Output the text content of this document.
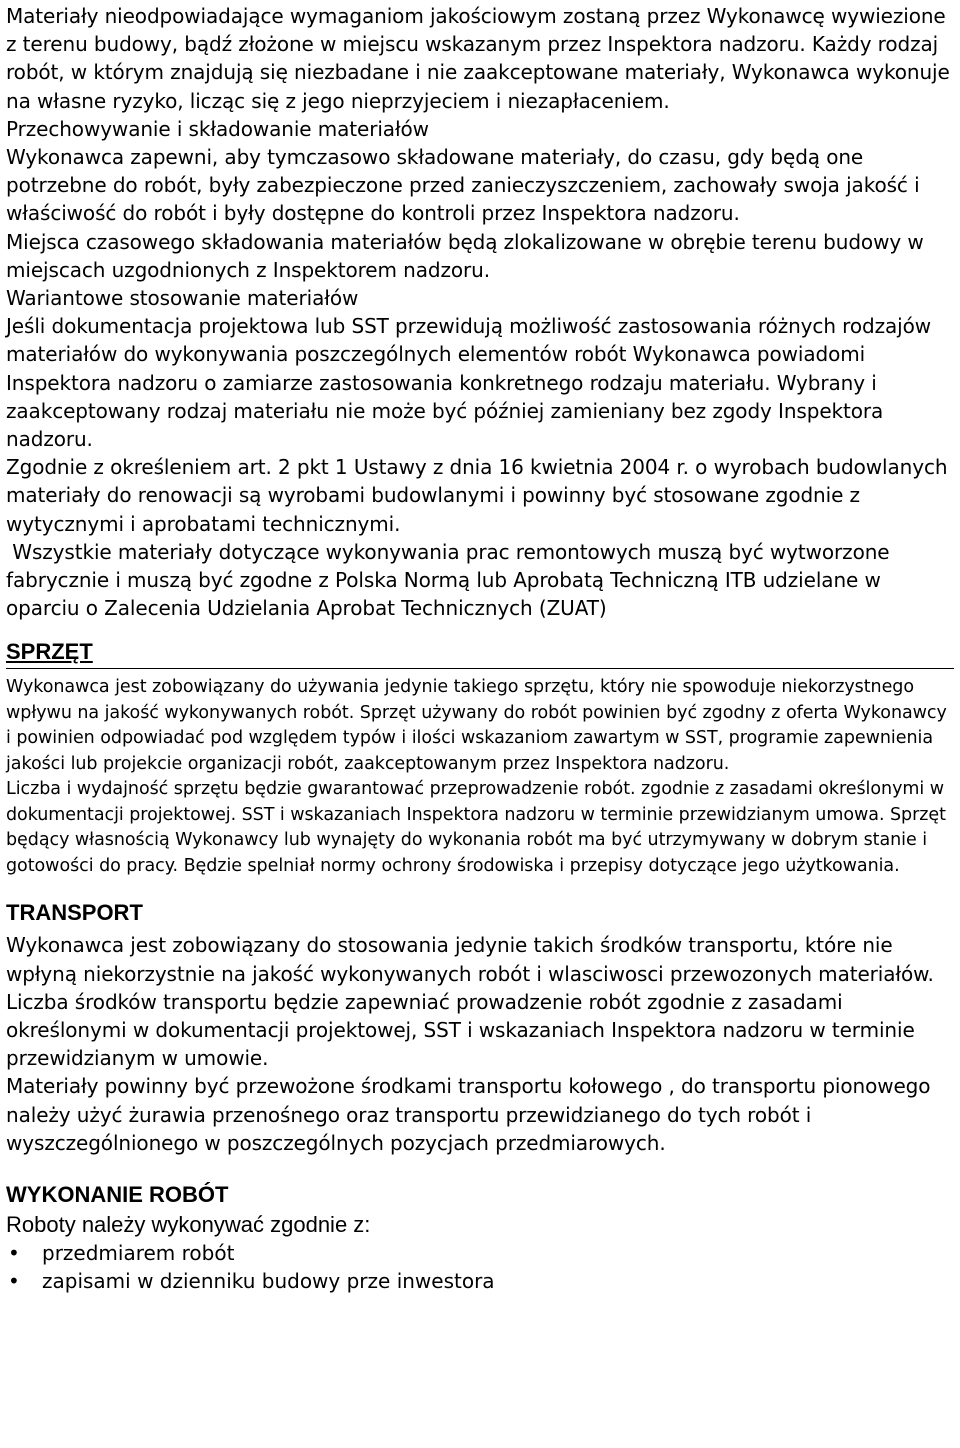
Materiały nieodpowiadające wymaganiom jakościowym zostaną przez Wykonawcę wywiezione z terenu budowy, bądź złożone w miejscu wskazanym przez Inspektora nadzoru. Każdy rodzaj robót, w którym znajdują się niezbadane i nie zaakceptowane materiały, Wykonawca wykonuje na własne ryzyko, licząc się z jego nieprzyjeciem i niezapłaceniem.

Przechowywanie i składowanie materiałów

Wykonawca zapewni, aby tymczasowo składowane materiały, do czasu, gdy będą one potrzebne do robót, były zabezpieczone przed zanieczyszczeniem, zachowały swoja jakość i właściwość do robót i były dostępne do kontroli przez Inspektora nadzoru.

Miejsca czasowego składowania materiałów będą zlokalizowane w obrębie terenu budowy w miejscach uzgodnionych z Inspektorem nadzoru.

Wariantowe stosowanie materiałów

Jeśli dokumentacja projektowa lub SST przewidują możliwość zastosowania różnych rodzajów materiałów do wykonywania poszczególnych elementów robót Wykonawca powiadomi Inspektora nadzoru o zamiarze zastosowania konkretnego rodzaju materiału. Wybrany i zaakceptowany rodzaj materiału nie może być później zamieniany bez zgody Inspektora nadzoru.

Zgodnie z określeniem art. 2 pkt 1 Ustawy z dnia 16 kwietnia 2004 r. o wyrobach budowlanych materiały do renowacji są wyrobami budowlanymi i powinny być stosowane zgodnie z wytycznymi i aprobatami technicznymi.

Wszystkie materiały dotyczące wykonywania prac remontowych muszą być wytworzone fabrycznie i muszą być zgodne z Polska Normą lub Aprobatą Techniczną ITB udzielane w oparciu o Zalecenia Udzielania Aprobat Technicznych (ZUAT)

SPRZĘT

Wykonawca jest zobowiązany do używania jedynie takiego sprzętu, który nie spowoduje niekorzystnego wpływu na jakość wykonywanych robót. Sprzęt używany do robót powinien być zgodny z oferta Wykonawcy i powinien odpowiadać pod względem typów i ilości wskazaniom zawartym w SST, programie zapewnienia jakości lub projekcie organizacji robót, zaakceptowanym przez Inspektora nadzoru.

Liczba i wydajność sprzętu będzie gwarantować przeprowadzenie robót. zgodnie z zasadami określonymi w dokumentacji projektowej. SST i wskazaniach Inspektora nadzoru w terminie przewidzianym umowa. Sprzęt będący własnością Wykonawcy lub wynajęty do wykonania robót ma być utrzymywany w dobrym stanie i gotowości do pracy. Będzie spelniał normy ochrony środowiska i przepisy dotyczące jego użytkowania.

TRANSPORT

Wykonawca jest zobowiązany do stosowania jedynie takich środków transportu, które nie wpłyną niekorzystnie na jakość wykonywanych robót i wlasciwosci przewozonych materiałów. Liczba środków transportu będzie zapewniać prowadzenie robót zgodnie z zasadami określonymi w dokumentacji projektowej, SST i wskazaniach Inspektora nadzoru w terminie przewidzianym w umowie.

Materiały powinny być przewożone środkami transportu kołowego , do transportu pionowego  należy użyć żurawia przenośnego oraz transportu przewidzianego do tych robót i wyszczególnionego w poszczególnych pozycjach przedmiarowych.

WYKONANIE ROBÓT

Roboty należy wykonywać zgodnie z:

• przedmiarem robót
• zapisami w dzienniku budowy prze inwestora
